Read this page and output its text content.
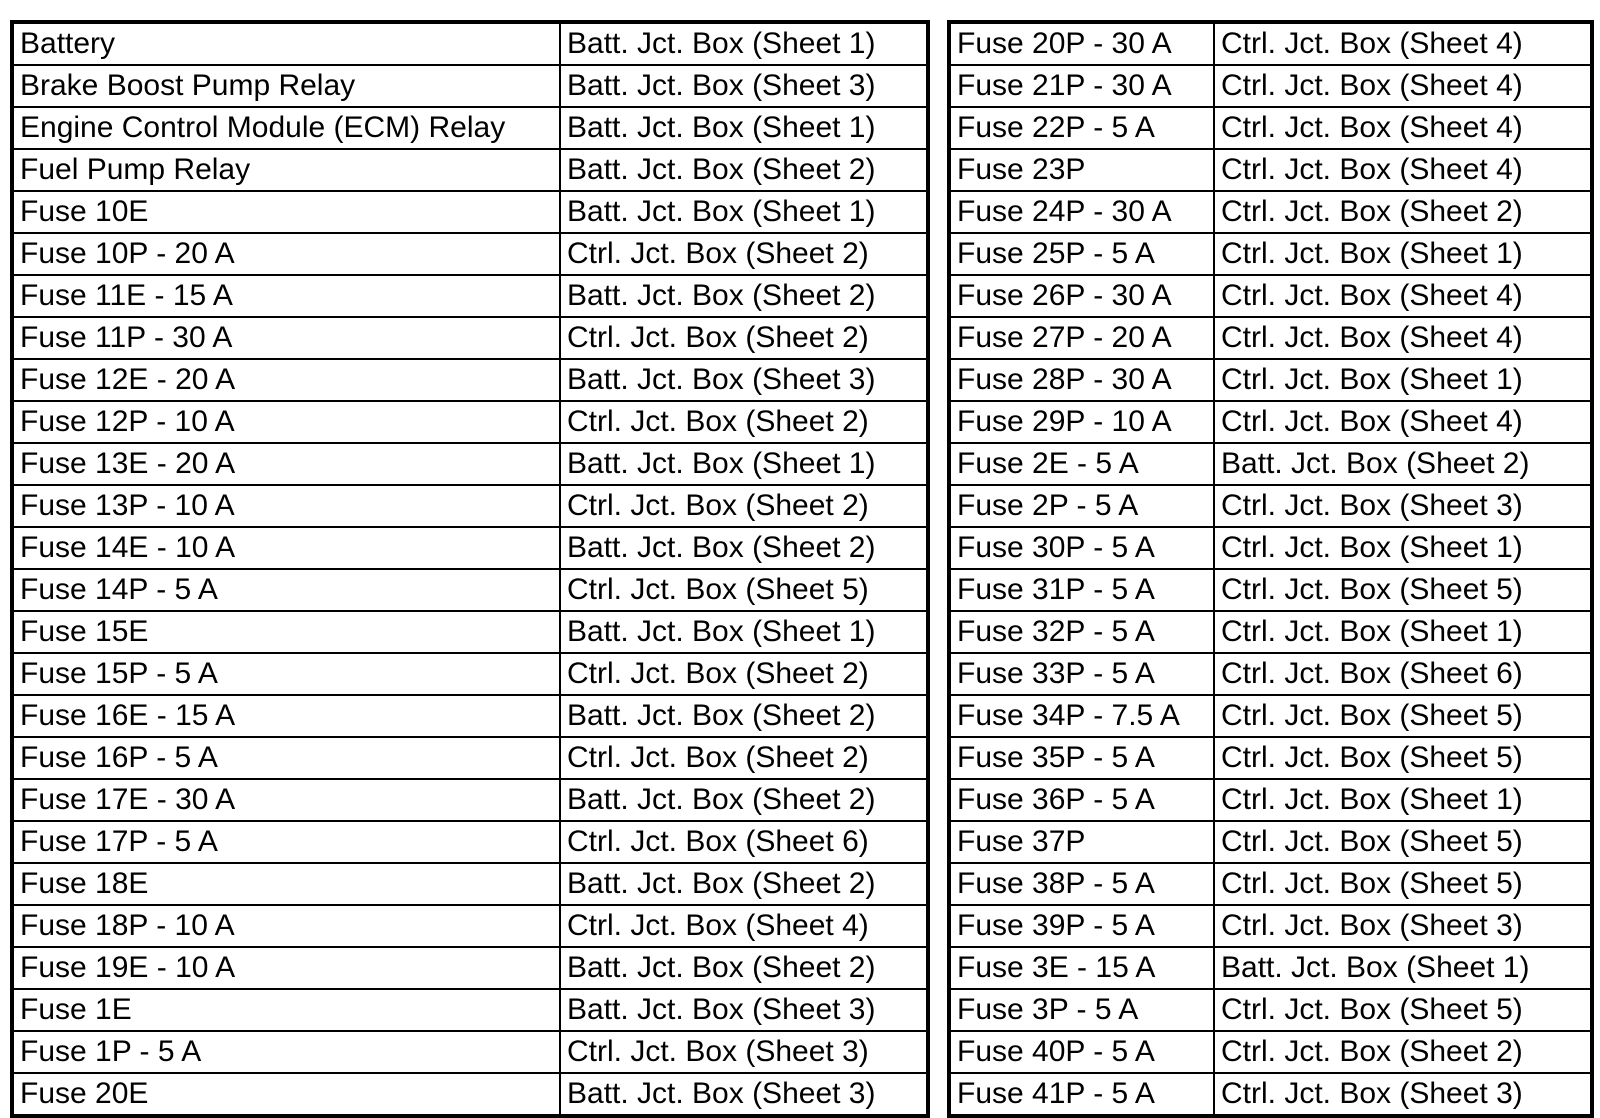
Battery	Batt. Jct. Box (Sheet 1)
Brake Boost Pump Relay	Batt. Jct. Box (Sheet 3)
Engine Control Module (ECM) Relay	Batt. Jct. Box (Sheet 1)
Fuel Pump Relay	Batt. Jct. Box (Sheet 2)
Fuse 10E	Batt. Jct. Box (Sheet 1)
Fuse 10P - 20 A	Ctrl. Jct. Box (Sheet 2)
Fuse 11E - 15 A	Batt. Jct. Box (Sheet 2)
Fuse 11P - 30 A	Ctrl. Jct. Box (Sheet 2)
Fuse 12E - 20 A	Batt. Jct. Box (Sheet 3)
Fuse 12P - 10 A	Ctrl. Jct. Box (Sheet 2)
Fuse 13E - 20 A	Batt. Jct. Box (Sheet 1)
Fuse 13P - 10 A	Ctrl. Jct. Box (Sheet 2)
Fuse 14E - 10 A	Batt. Jct. Box (Sheet 2)
Fuse 14P - 5 A	Ctrl. Jct. Box (Sheet 5)
Fuse 15E	Batt. Jct. Box (Sheet 1)
Fuse 15P - 5 A	Ctrl. Jct. Box (Sheet 2)
Fuse 16E - 15 A	Batt. Jct. Box (Sheet 2)
Fuse 16P - 5 A	Ctrl. Jct. Box (Sheet 2)
Fuse 17E - 30 A	Batt. Jct. Box (Sheet 2)
Fuse 17P - 5 A	Ctrl. Jct. Box (Sheet 6)
Fuse 18E	Batt. Jct. Box (Sheet 2)
Fuse 18P - 10 A	Ctrl. Jct. Box (Sheet 4)
Fuse 19E - 10 A	Batt. Jct. Box (Sheet 2)
Fuse 1E	Batt. Jct. Box (Sheet 3)
Fuse 1P - 5 A	Ctrl. Jct. Box (Sheet 3)
Fuse 20E	Batt. Jct. Box (Sheet 3)
Fuse 20P - 30 A	Ctrl. Jct. Box (Sheet 4)
Fuse 21P - 30 A	Ctrl. Jct. Box (Sheet 4)
Fuse 22P - 5 A	Ctrl. Jct. Box (Sheet 4)
Fuse 23P	Ctrl. Jct. Box (Sheet 4)
Fuse 24P - 30 A	Ctrl. Jct. Box (Sheet 2)
Fuse 25P - 5 A	Ctrl. Jct. Box (Sheet 1)
Fuse 26P - 30 A	Ctrl. Jct. Box (Sheet 4)
Fuse 27P - 20 A	Ctrl. Jct. Box (Sheet 4)
Fuse 28P - 30 A	Ctrl. Jct. Box (Sheet 1)
Fuse 29P - 10 A	Ctrl. Jct. Box (Sheet 4)
Fuse 2E - 5 A	Batt. Jct. Box (Sheet 2)
Fuse 2P - 5 A	Ctrl. Jct. Box (Sheet 3)
Fuse 30P - 5 A	Ctrl. Jct. Box (Sheet 1)
Fuse 31P - 5 A	Ctrl. Jct. Box (Sheet 5)
Fuse 32P - 5 A	Ctrl. Jct. Box (Sheet 1)
Fuse 33P - 5 A	Ctrl. Jct. Box (Sheet 6)
Fuse 34P - 7.5 A	Ctrl. Jct. Box (Sheet 5)
Fuse 35P - 5 A	Ctrl. Jct. Box (Sheet 5)
Fuse 36P - 5 A	Ctrl. Jct. Box (Sheet 1)
Fuse 37P	Ctrl. Jct. Box (Sheet 5)
Fuse 38P - 5 A	Ctrl. Jct. Box (Sheet 5)
Fuse 39P - 5 A	Ctrl. Jct. Box (Sheet 3)
Fuse 3E - 15 A	Batt. Jct. Box (Sheet 1)
Fuse 3P - 5 A	Ctrl. Jct. Box (Sheet 5)
Fuse 40P - 5 A	Ctrl. Jct. Box (Sheet 2)
Fuse 41P - 5 A	Ctrl. Jct. Box (Sheet 3)
